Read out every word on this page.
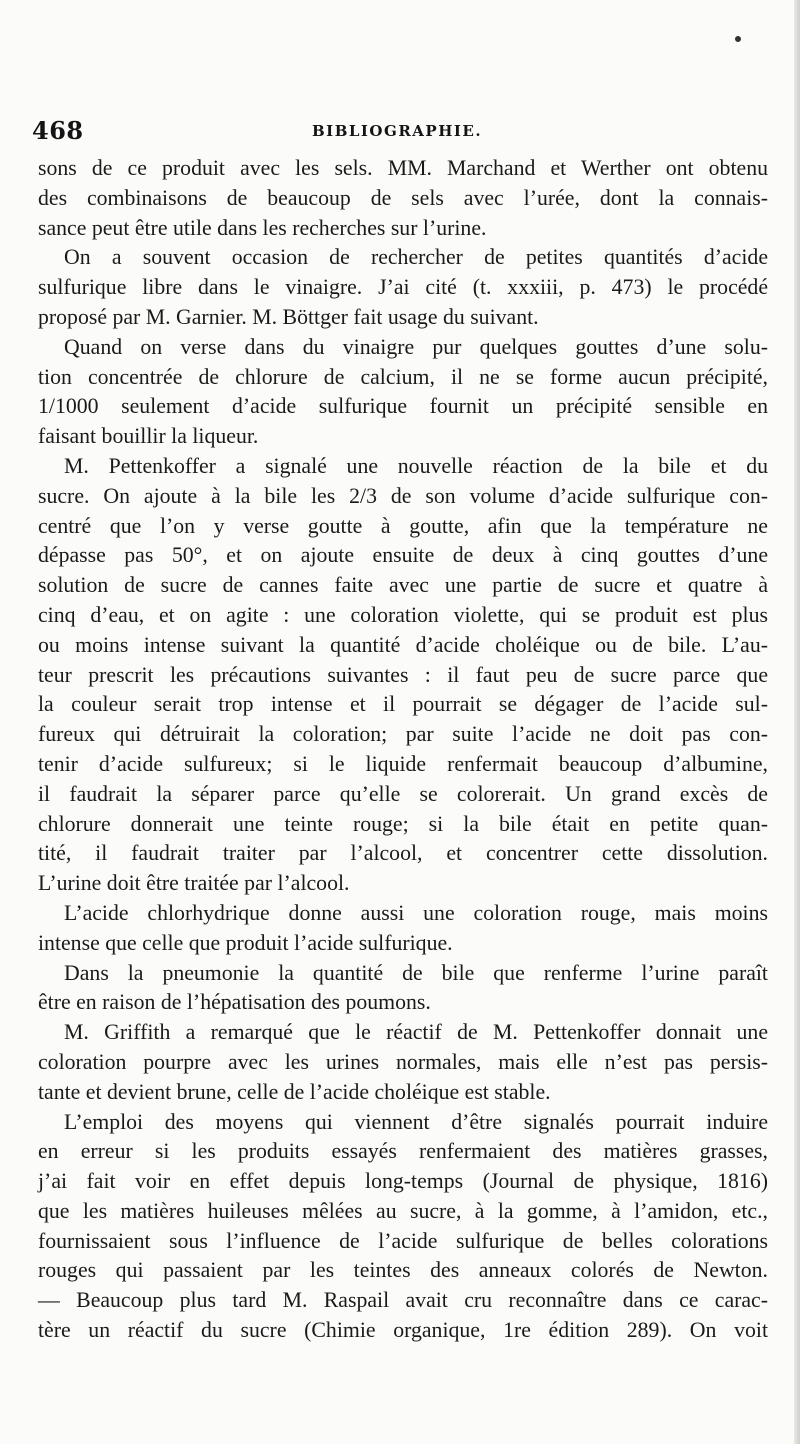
468	BIBLIOGRAPHIE.
sons de ce produit avec les sels. MM. Marchand et Werther ont obtenu
des combinaisons de beaucoup de sels avec l’urée, dont la connais-
sance peut être utile dans les recherches sur l’urine.
On a souvent occasion de rechercher de petites quantités d’acide
sulfurique libre dans le vinaigre. J’ai cité (t. xxxiii, p. 473) le procédé
proposé par M. Garnier. M. Böttger fait usage du suivant.
Quand on verse dans du vinaigre pur quelques gouttes d’une solu-
tion concentrée de chlorure de calcium, il ne se forme aucun précipité,
1/1000 seulement d’acide sulfurique fournit un précipité sensible en
faisant bouillir la liqueur.
M. Pettenkoffer a signalé une nouvelle réaction de la bile et du
sucre. On ajoute à la bile les 2/3 de son volume d’acide sulfurique con-
centré que l’on y verse goutte à goutte, afin que la température ne
dépasse pas 50°, et on ajoute ensuite de deux à cinq gouttes d’une
solution de sucre de cannes faite avec une partie de sucre et quatre à
cinq d’eau, et on agite : une coloration violette, qui se produit est plus
ou moins intense suivant la quantité d’acide choléique ou de bile. L’au-
teur prescrit les précautions suivantes : il faut peu de sucre parce que
la couleur serait trop intense et il pourrait se dégager de l’acide sul-
fureux qui détruirait la coloration; par suite l’acide ne doit pas con-
tenir d’acide sulfureux; si le liquide renfermait beaucoup d’albumine,
il faudrait la séparer parce qu’elle se colorerait. Un grand excès de
chlorure donnerait une teinte rouge; si la bile était en petite quan-
tité, il faudrait traiter par l’alcool, et concentrer cette dissolution.
L’urine doit être traitée par l’alcool.
L’acide chlorhydrique donne aussi une coloration rouge, mais moins
intense que celle que produit l’acide sulfurique.
Dans la pneumonie la quantité de bile que renferme l’urine paraît
être en raison de l’hépatisation des poumons.
M. Griffith a remarqué que le réactif de M. Pettenkoffer donnait une
coloration pourpre avec les urines normales, mais elle n’est pas persis-
tante et devient brune, celle de l’acide choléique est stable.
L’emploi des moyens qui viennent d’être signalés pourrait induire
en erreur si les produits essayés renfermaient des matières grasses,
j’ai fait voir en effet depuis long-temps (Journal de physique, 1816)
que les matières huileuses mêlées au sucre, à la gomme, à l’amidon, etc.,
fournissaient sous l’influence de l’acide sulfurique de belles colorations
rouges qui passaient par les teintes des anneaux colorés de Newton.
— Beaucoup plus tard M. Raspail avait cru reconnaître dans ce carac-
tère un réactif du sucre (Chimie organique, 1re édition 289). On voit
